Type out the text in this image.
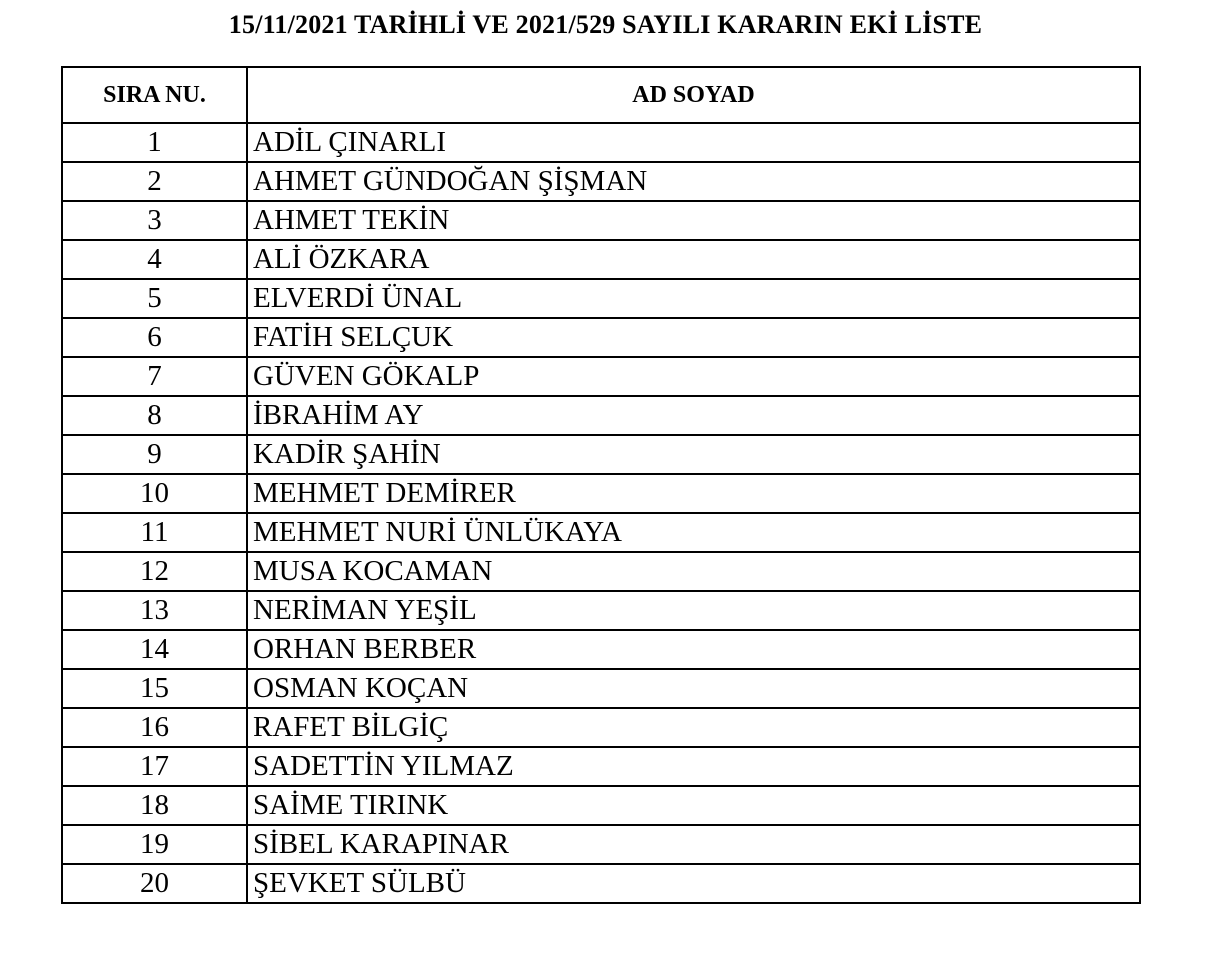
15/11/2021 TARİHLİ VE 2021/529 SAYILI KARARIN EKİ LİSTE
SIRA NU.	AD SOYAD
1	ADİL ÇINARLI
2	AHMET GÜNDOĞAN ŞİŞMAN
3	AHMET TEKİN
4	ALİ ÖZKARA
5	ELVERDİ ÜNAL
6	FATİH SELÇUK
7	GÜVEN GÖKALP
8	İBRAHİM AY
9	KADİR ŞAHİN
10	MEHMET DEMİRER
11	MEHMET NURİ ÜNLÜKAYA
12	MUSA KOCAMAN
13	NERİMAN YEŞİL
14	ORHAN BERBER
15	OSMAN KOÇAN
16	RAFET BİLGİÇ
17	SADETTİN YILMAZ
18	SAİME TIRINK
19	SİBEL KARAPINAR
20	ŞEVKET SÜLBÜ
